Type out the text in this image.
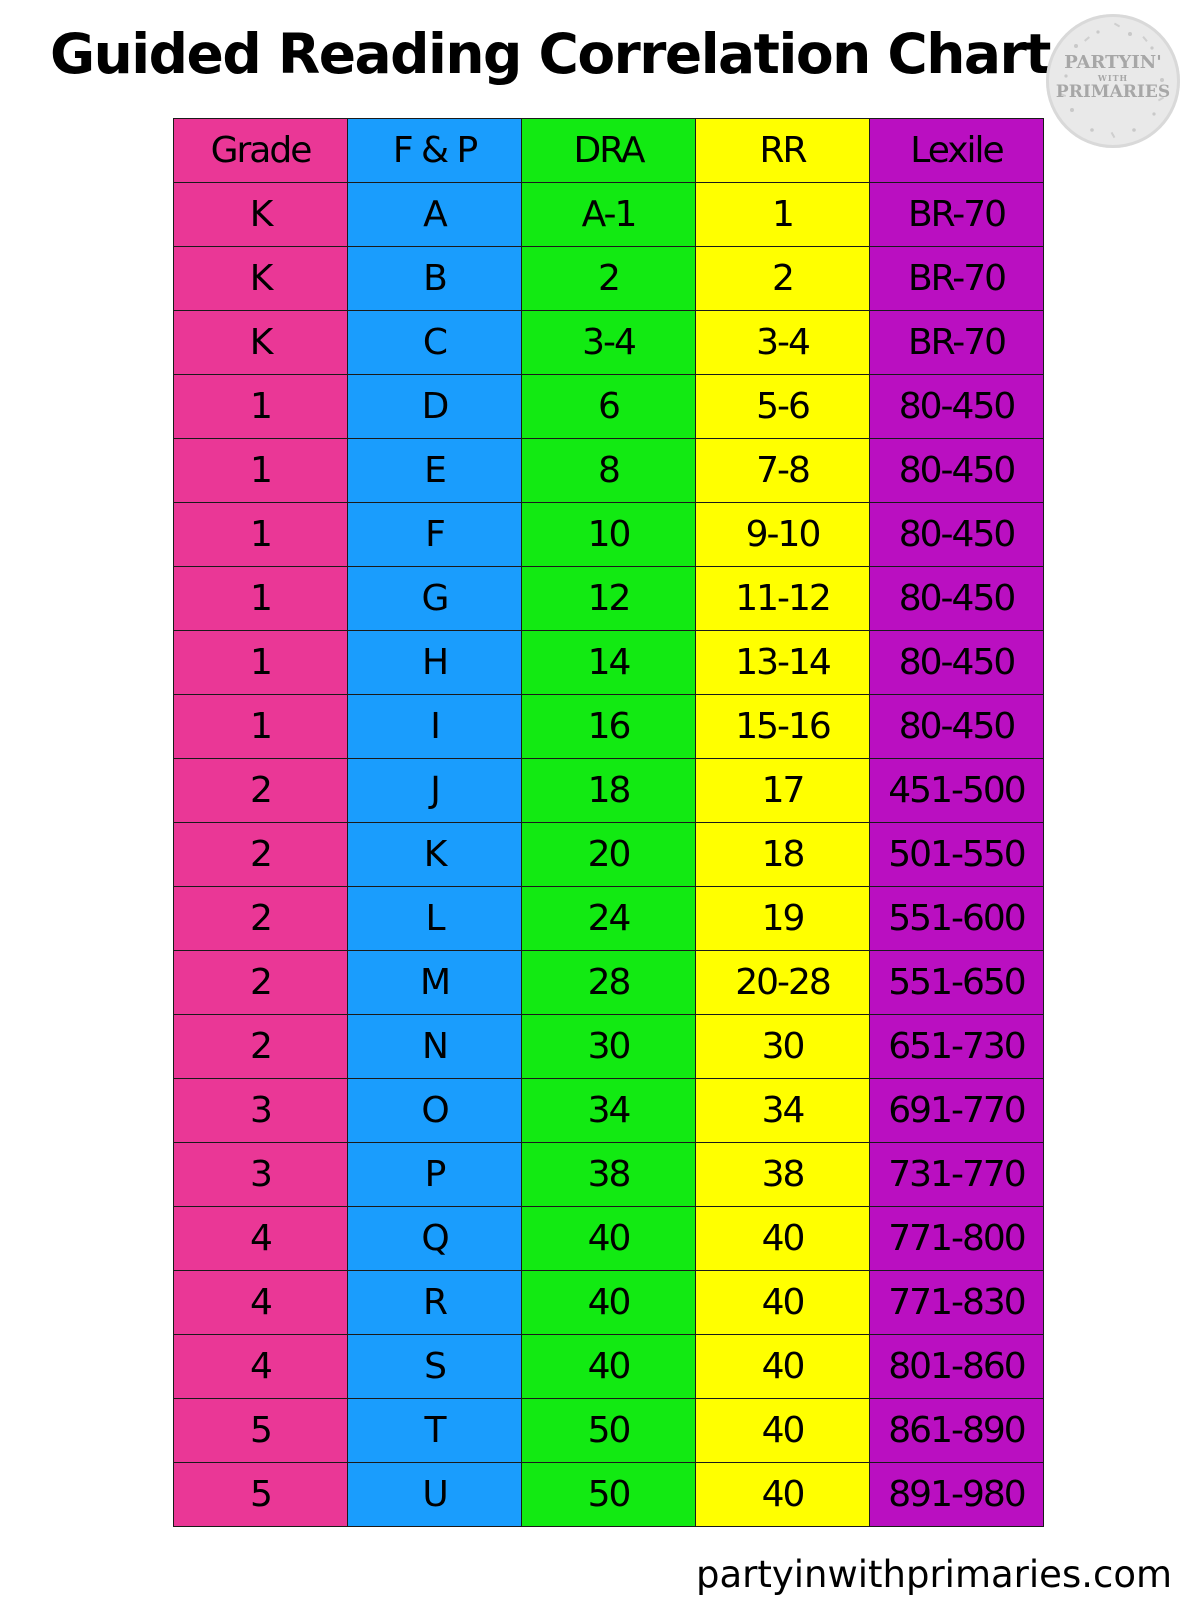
Guided Reading Correlation Chart PARTYIN'
WITH
PRIMARIES
Grade	F & P	DRA	RR	Lexile
K	A	A-1	1	BR-70
K	B	2	2	BR-70
K	C	3-4	3-4	BR-70
1	D	6	5-6	80-450
1	E	8	7-8	80-450
1	F	10	9-10	80-450
1	G	12	11-12	80-450
1	H	14	13-14	80-450
1	I	16	15-16	80-450
2	J	18	17	451-500
2	K	20	18	501-550
2	L	24	19	551-600
2	M	28	20-28	551-650
2	N	30	30	651-730
3	O	34	34	691-770
3	P	38	38	731-770
4	Q	40	40	771-800
4	R	40	40	771-830
4	S	40	40	801-860
5	T	50	40	861-890
5	U	50	40	891-980
partyinwithprimaries.com
